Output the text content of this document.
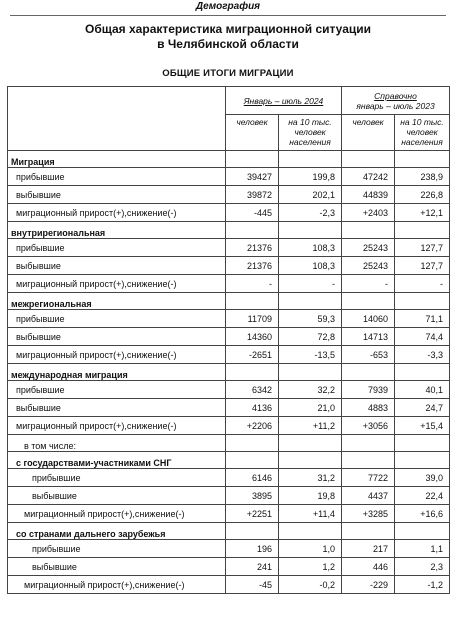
Демография
Общая характеристика миграционной ситуации
в Челябинской области
ОБЩИЕ ИТОГИ МИГРАЦИИ
	Январь – июль 2024		Справочно
январь – июль 2023	

	человек	на 10 тыс. человек населения	человек	на 10 тыс. человек населения
Миграция				
прибывшие	39427	199,8	47242	238,9
выбывшие	39872	202,1	44839	226,8
миграционный прирост(+),снижение(-)	-445	-2,3	+2403	+12,1
внутрирегиональная				
прибывшие	21376	108,3	25243	127,7
выбывшие	21376	108,3	25243	127,7
миграционный прирост(+),снижение(-)	-	-	-	-
межрегиональная				
прибывшие	11709	59,3	14060	71,1
выбывшие	14360	72,8	14713	74,4
миграционный прирост(+),снижение(-)	-2651	-13,5	-653	-3,3
международная миграция				
прибывшие	6342	32,2	7939	40,1
выбывшие	4136	21,0	4883	24,7
миграционный прирост(+),снижение(-)	+2206	+11,2	+3056	+15,4
в том числе:				
с государствами-участниками СНГ				
прибывшие	6146	31,2	7722	39,0
выбывшие	3895	19,8	4437	22,4
миграционный прирост(+),снижение(-)	+2251	+11,4	+3285	+16,6
со странами дальнего зарубежья				
прибывшие	196	1,0	217	1,1
выбывшие	241	1,2	446	2,3
миграционный прирост(+),снижение(-)	-45	-0,2	-229	-1,2
